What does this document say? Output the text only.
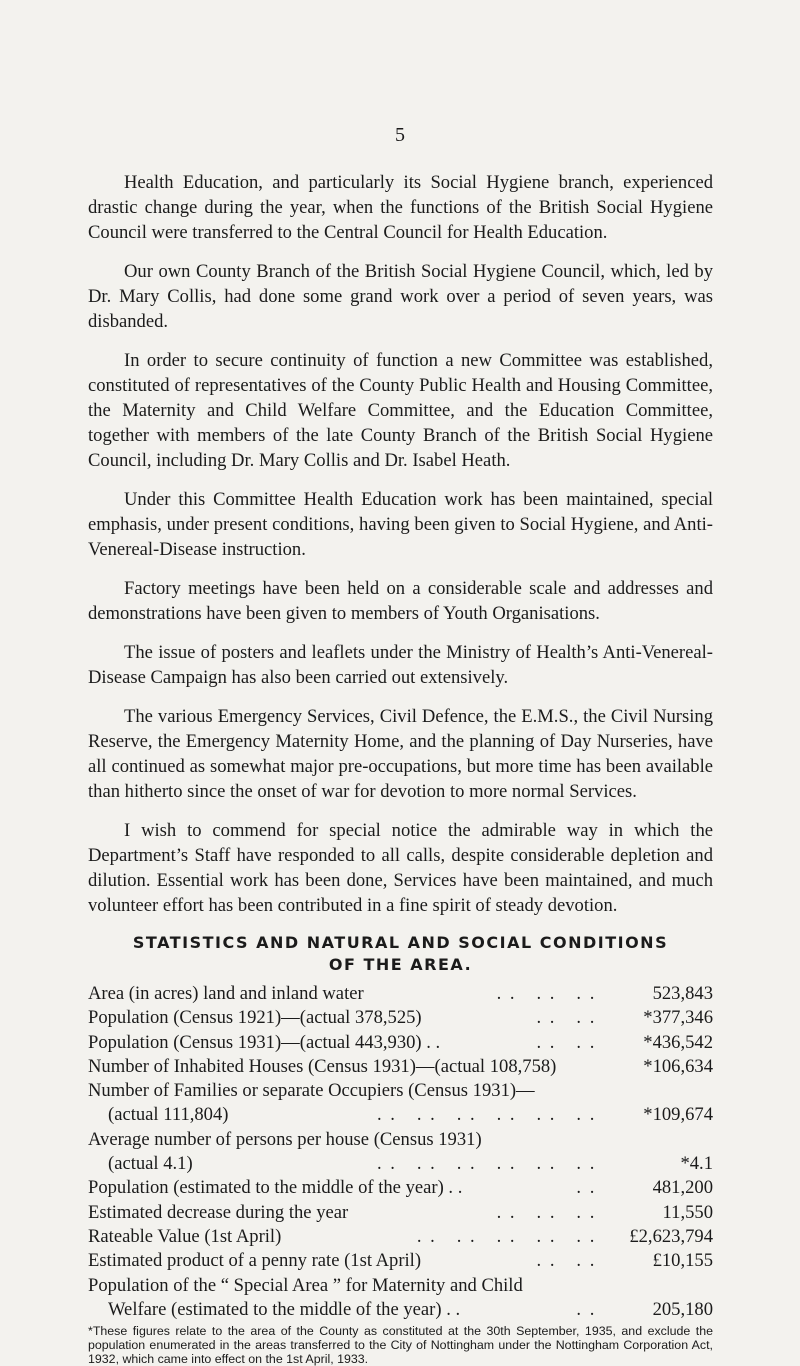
5

Health Education, and particularly its Social Hygiene branch, experienced drastic change during the year, when the functions of the British Social Hygiene Council were transferred to the Central Council for Health Education.

Our own County Branch of the British Social Hygiene Council, which, led by Dr. Mary Collis, had done some grand work over a period of seven years, was disbanded.

In order to secure continuity of function a new Committee was established, constituted of representatives of the County Public Health and Housing Committee, the Maternity and Child Welfare Committee, and the Education Committee, together with members of the late County Branch of the British Social Hygiene Council, including Dr. Mary Collis and Dr. Isabel Heath.

Under this Committee Health Education work has been maintained, special emphasis, under present conditions, having been given to Social Hygiene, and Anti-Venereal-Disease instruction.

Factory meetings have been held on a considerable scale and addresses and demonstrations have been given to members of Youth Organisations.

The issue of posters and leaflets under the Ministry of Health’s Anti-Venereal-Disease Campaign has also been carried out extensively.

The various Emergency Services, Civil Defence, the E.M.S., the Civil Nursing Reserve, the Emergency Maternity Home, and the planning of Day Nurseries, have all continued as somewhat major pre-occupations, but more time has been available than hitherto since the onset of war for devotion to more normal Services.

I wish to commend for special notice the admirable way in which the Department’s Staff have responded to all calls, despite considerable depletion and dilution. Essential work has been done, Services have been maintained, and much volunteer effort has been contributed in a fine spirit of steady devotion.

STATISTICS AND NATURAL AND SOCIAL CONDITIONS
OF THE AREA.
Area (in acres) land and inland water	. .   . .   . .	523,843
Population (Census 1921)—(actual 378,525)	. .   . .	*377,346
Population (Census 1931)—(actual 443,930) . .	. .   . .	*436,542
Number of Inhabited Houses (Census 1931)—(actual 108,758)	*106,634
Number of Families or separate Occupiers (Census 1931)—
(actual 111,804)	. .   . .   . .   . .   . .   . .	*109,674
Average number of persons per house (Census 1931)
(actual 4.1)	. .   . .   . .   . .   . .   . .	*4.1
Population (estimated to the middle of the year) . .	. .	481,200
Estimated decrease during the year	. .   . .   . .	11,550
Rateable Value (1st April)	. .   . .   . .   . .   . .	£2,623,794
Estimated product of a penny rate (1st April)	. .   . .	£10,155
Population of the “ Special Area ” for Maternity and Child
Welfare (estimated to the middle of the year) . .	. .	205,180
*These figures relate to the area of the County as constituted at the 30th September, 1935, and exclude the population enumerated in the areas transferred to the City of Nottingham under the Nottingham Corporation Act, 1932, which came into effect on the 1st April, 1933.
